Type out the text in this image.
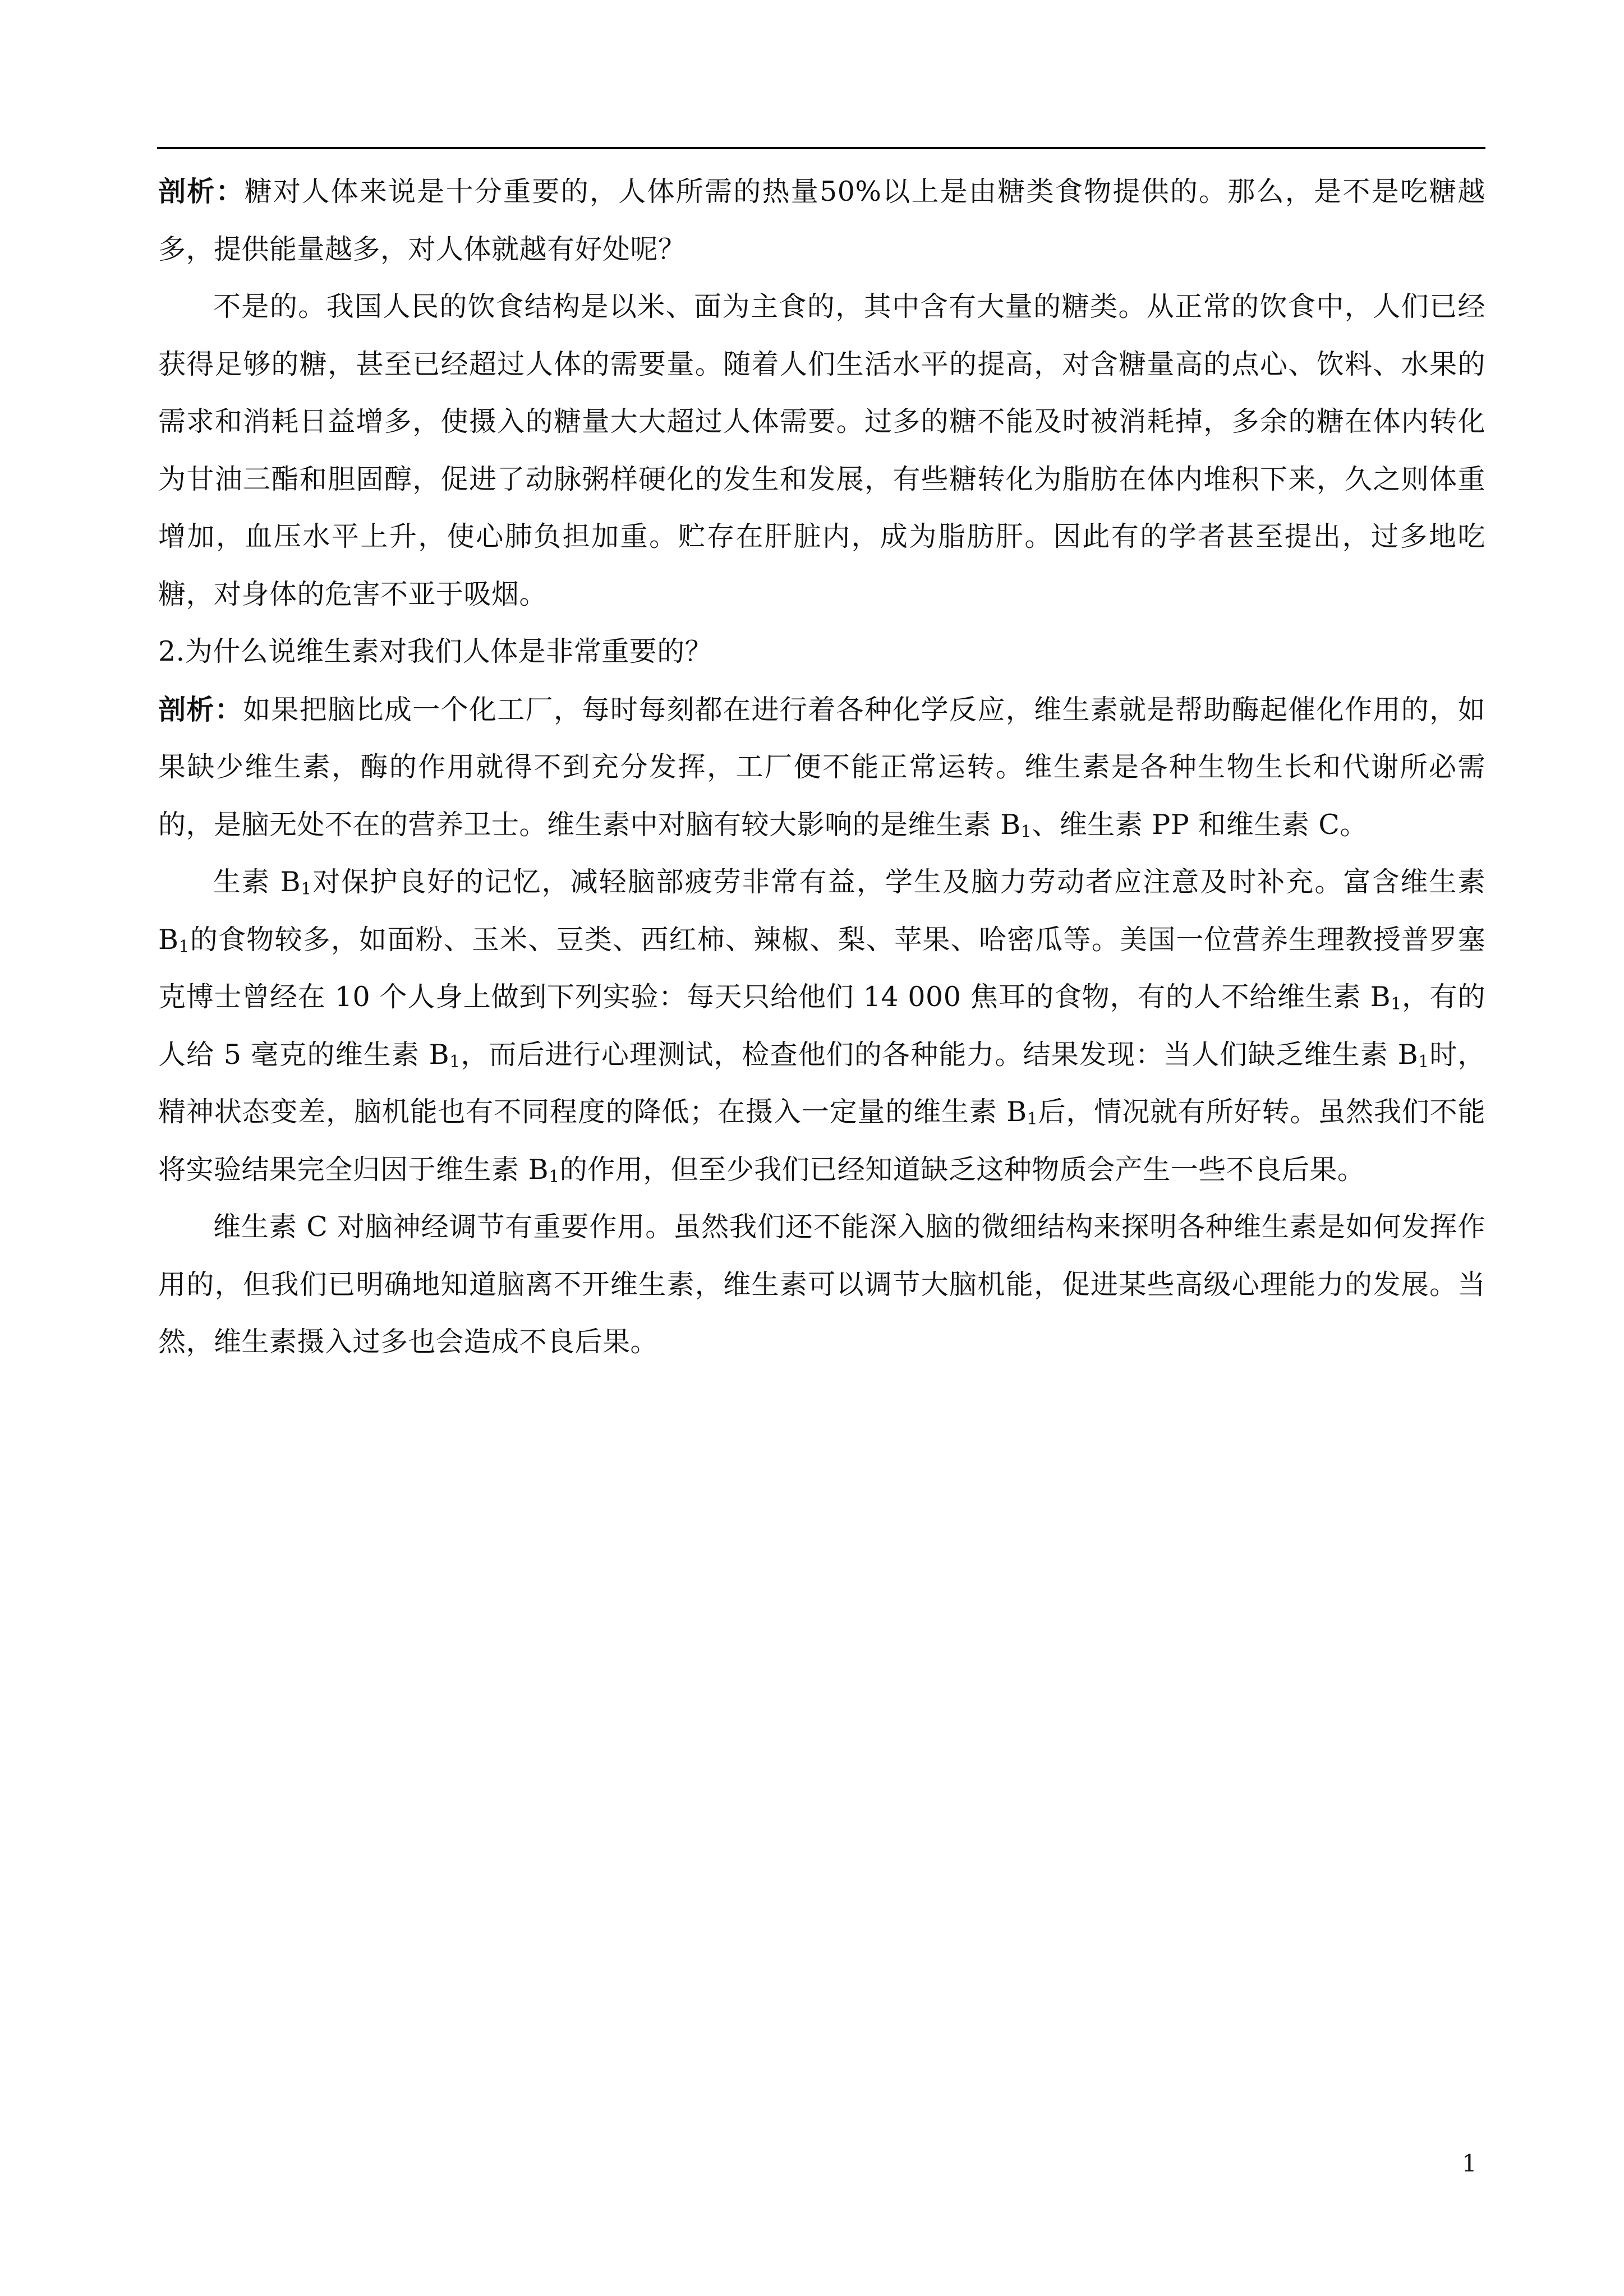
剖析：糖对人体来说是十分重要的，人体所需的热量50%以上是由糖类食物提供的。那么，是不是吃糖越多，提供能量越多，对人体就越有好处呢？

不是的。我国人民的饮食结构是以米、面为主食的，其中含有大量的糖类。从正常的饮食中，人们已经获得足够的糖，甚至已经超过人体的需要量。随着人们生活水平的提高，对含糖量高的点心、饮料、水果的需求和消耗日益增多，使摄入的糖量大大超过人体需要。过多的糖不能及时被消耗掉，多余的糖在体内转化为甘油三酯和胆固醇，促进了动脉粥样硬化的发生和发展，有些糖转化为脂肪在体内堆积下来，久之则体重增加，血压水平上升，使心肺负担加重。贮存在肝脏内，成为脂肪肝。因此有的学者甚至提出，过多地吃糖，对身体的危害不亚于吸烟。

2.为什么说维生素对我们人体是非常重要的？

剖析：如果把脑比成一个化工厂，每时每刻都在进行着各种化学反应，维生素就是帮助酶起催化作用的，如果缺少维生素，酶的作用就得不到充分发挥，工厂便不能正常运转。维生素是各种生物生长和代谢所必需的，是脑无处不在的营养卫士。维生素中对脑有较大影响的是维生素 $B_1$、维生素 PP 和维生素 C。

生素 $B_1$对保护良好的记忆，减轻脑部疲劳非常有益，学生及脑力劳动者应注意及时补充。富含维生素 $B_1$的食物较多，如面粉、玉米、豆类、西红柿、辣椒、梨、苹果、哈密瓜等。美国一位营养生理教授普罗塞克博士曾经在 10 个人身上做到下列实验：每天只给他们 14 000 焦耳的食物，有的人不给维生素 $B_1$，有的人给 5 毫克的维生素 $B_1$，而后进行心理测试，检查他们的各种能力。结果发现：当人们缺乏维生素 $B_1$时，精神状态变差，脑机能也有不同程度的降低；在摄入一定量的维生素 $B_1$后，情况就有所好转。虽然我们不能将实验结果完全归因于维生素 $B_1$的作用，但至少我们已经知道缺乏这种物质会产生一些不良后果。

维生素 C 对脑神经调节有重要作用。虽然我们还不能深入脑的微细结构来探明各种维生素是如何发挥作用的，但我们已明确地知道脑离不开维生素，维生素可以调节大脑机能，促进某些高级心理能力的发展。当然，维生素摄入过多也会造成不良后果。

1
